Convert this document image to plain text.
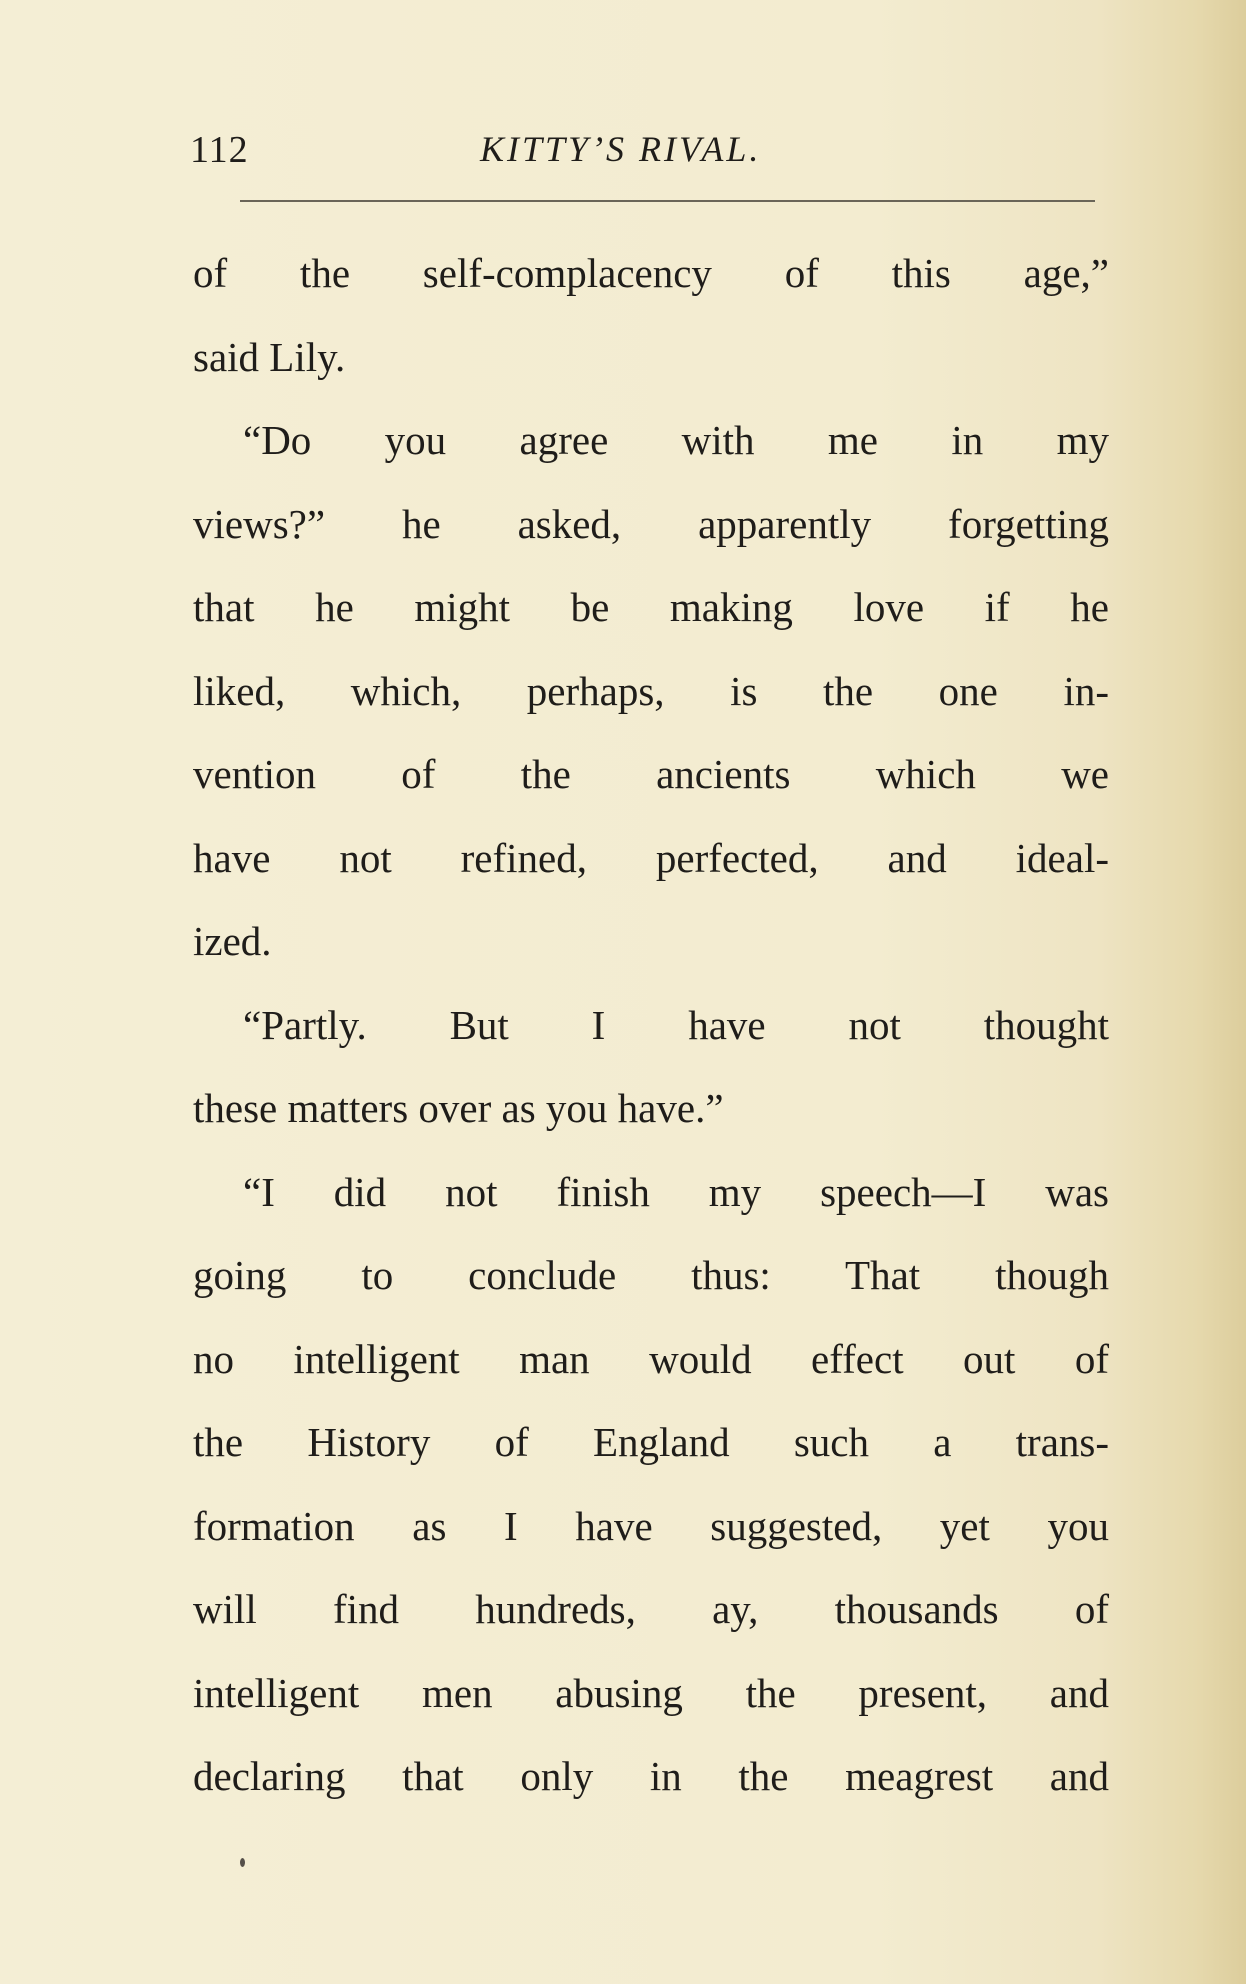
112	KITTY’S RIVAL.
of the self-complacency of this age,”
said Lily.
“Do you agree with me in my
views?” he asked, apparently forgetting
that he might be making love if he
liked, which, perhaps, is the one in-
vention of the ancients which we
have not refined, perfected, and ideal-
ized.
“Partly. But I have not thought
these matters over as you have.”
“I did not finish my speech—I was
going to conclude thus: That though
no intelligent man would effect out of
the History of England such a trans-
formation as I have suggested, yet you
will find hundreds, ay, thousands of
intelligent men abusing the present, and
declaring that only in the meagrest and
